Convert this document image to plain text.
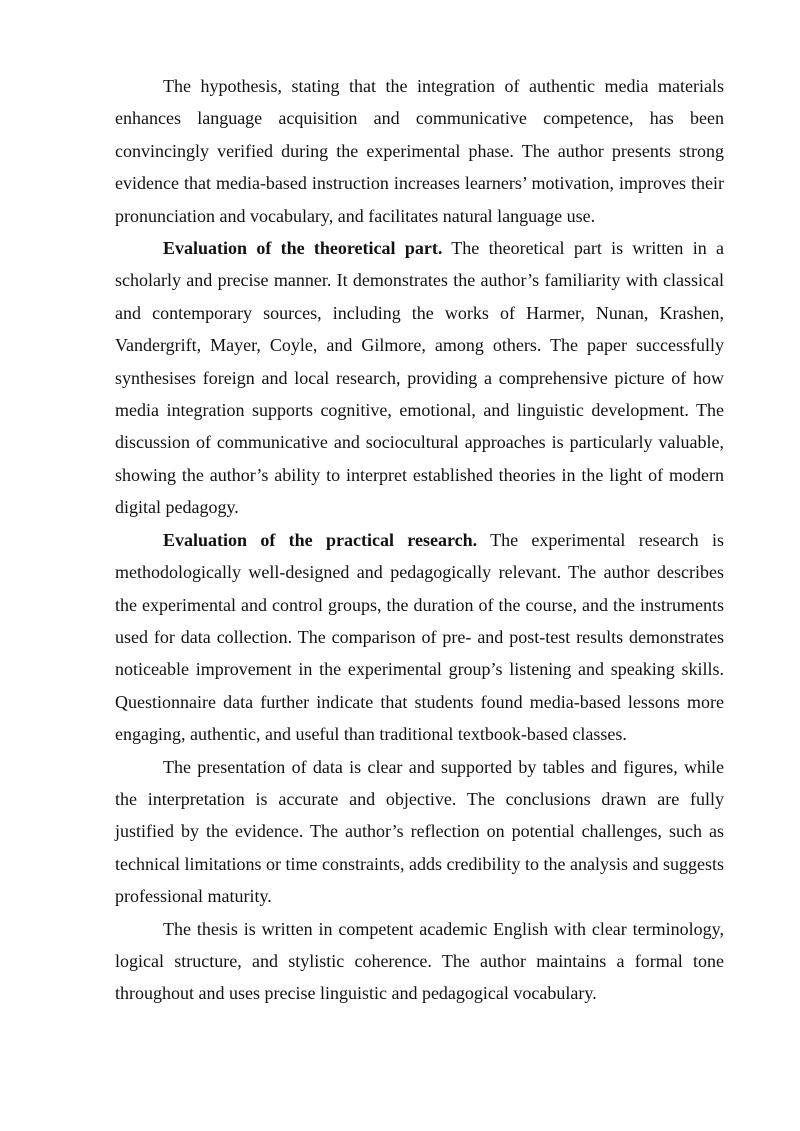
The hypothesis, stating that the integration of authentic media materials enhances language acquisition and communicative competence, has been convincingly verified during the experimental phase. The author presents strong evidence that media-based instruction increases learners’ motivation, improves their pronunciation and vocabulary, and facilitates natural language use.

Evaluation of the theoretical part. The theoretical part is written in a scholarly and precise manner. It demonstrates the author’s familiarity with classical and contemporary sources, including the works of Harmer, Nunan, Krashen, Vandergrift, Mayer, Coyle, and Gilmore, among others. The paper successfully synthesises foreign and local research, providing a comprehensive picture of how media integration supports cognitive, emotional, and linguistic development. The discussion of communicative and sociocultural approaches is particularly valuable, showing the author’s ability to interpret established theories in the light of modern digital pedagogy.

Evaluation of the practical research. The experimental research is methodologically well-designed and pedagogically relevant. The author describes the experimental and control groups, the duration of the course, and the instruments used for data collection. The comparison of pre- and post-test results demonstrates noticeable improvement in the experimental group’s listening and speaking skills. Questionnaire data further indicate that students found media-based lessons more engaging, authentic, and useful than traditional textbook-based classes.

The presentation of data is clear and supported by tables and figures, while the interpretation is accurate and objective. The conclusions drawn are fully justified by the evidence. The author’s reflection on potential challenges, such as technical limitations or time constraints, adds credibility to the analysis and suggests professional maturity.

The thesis is written in competent academic English with clear terminology, logical structure, and stylistic coherence. The author maintains a formal tone throughout and uses precise linguistic and pedagogical vocabulary.
